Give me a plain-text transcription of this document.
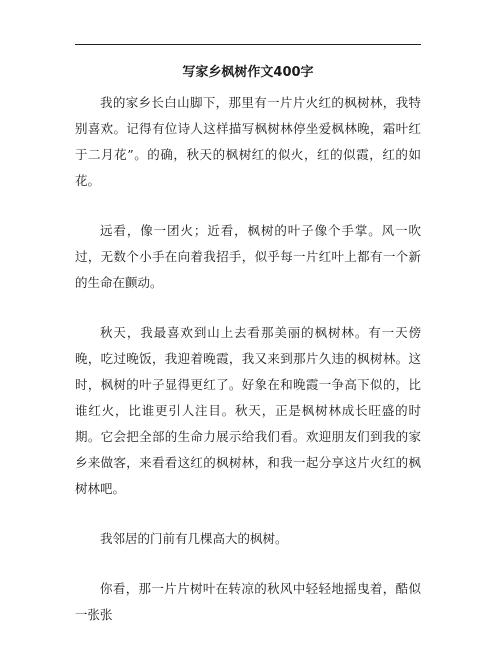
写家乡枫树作文400字

我的家乡长白山脚下，那里有一片片火红的枫树林，我特别喜欢。记得有位诗人这样描写枫树林停坐爱枫林晚，霜叶红于二月花”。的确，秋天的枫树红的似火，红的似霞，红的如花。

远看，像一团火；近看，枫树的叶子像个手掌。风一吹过，无数个小手在向着我招手，似乎每一片红叶上都有一个新的生命在颤动。

秋天，我最喜欢到山上去看那美丽的枫树林。有一天傍晚，吃过晚饭，我迎着晚霞，我又来到那片久违的枫树林。这时，枫树的叶子显得更红了。好象在和晚霞一争高下似的，比谁红火，比谁更引人注目。秋天，正是枫树林成长旺盛的时期。它会把全部的生命力展示给我们看。欢迎朋友们到我的家乡来做客，来看看这红的枫树林，和我一起分享这片火红的枫树林吧。

我邻居的门前有几棵高大的枫树。

你看，那一片片树叶在转凉的秋风中轻轻地摇曳着，酷似一张张
